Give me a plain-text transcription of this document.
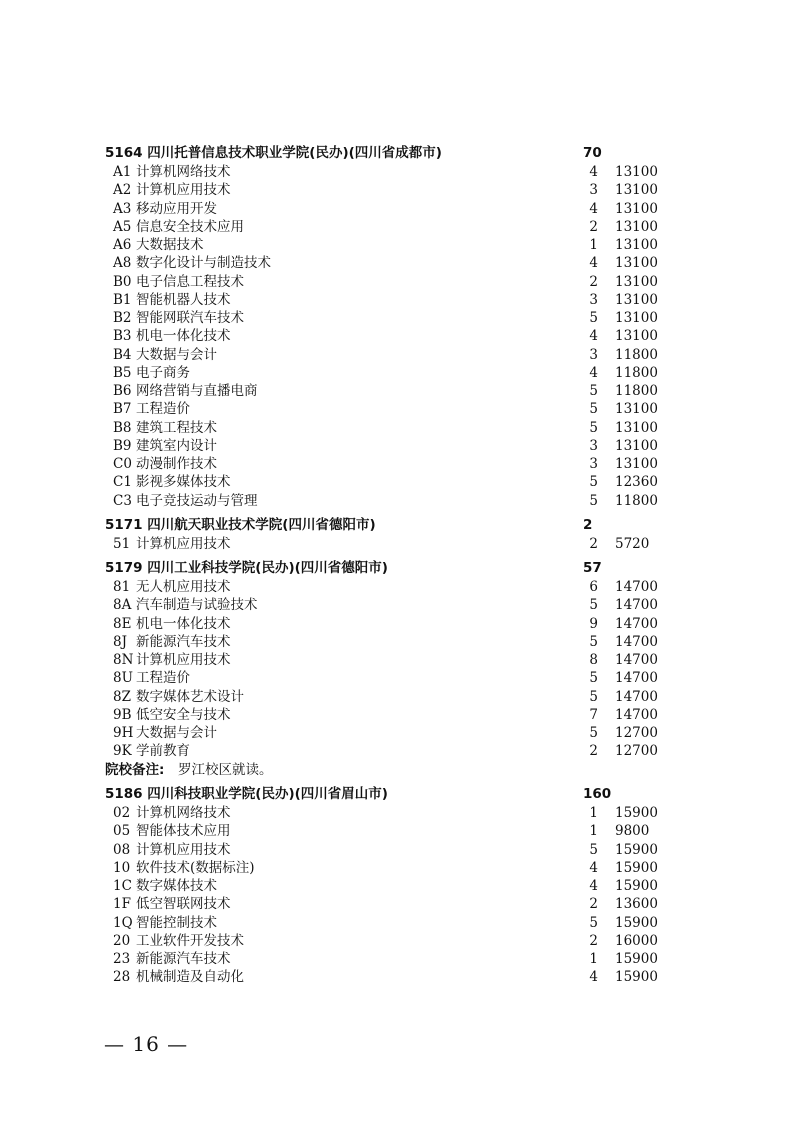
5164 四川托普信息技术职业学院(民办)(四川省成都市)	70
A1 计算机网络技术	4 13100
A2 计算机应用技术	3 13100
A3 移动应用开发	4 13100
A5 信息安全技术应用	2 13100
A6 大数据技术	1 13100
A8 数字化设计与制造技术	4 13100
B0 电子信息工程技术	2 13100
B1 智能机器人技术	3 13100
B2 智能网联汽车技术	5 13100
B3 机电一体化技术	4 13100
B4 大数据与会计	3 11800
B5 电子商务	4 11800
B6 网络营销与直播电商	5 11800
B7 工程造价	5 13100
B8 建筑工程技术	5 13100
B9 建筑室内设计	3 13100
C0 动漫制作技术	3 13100
C1 影视多媒体技术	5 12360
C3 电子竞技运动与管理	5 11800
5171 四川航天职业技术学院(四川省德阳市)	2
51 计算机应用技术	2 5720
5179 四川工业科技学院(民办)(四川省德阳市)	57
81 无人机应用技术	6 14700
8A 汽车制造与试验技术	5 14700
8E 机电一体化技术	9 14700
8J 新能源汽车技术	5 14700
8N 计算机应用技术	8 14700
8U 工程造价	5 14700
8Z 数字媒体艺术设计	5 14700
9B 低空安全与技术	7 14700
9H 大数据与会计	5 12700
9K 学前教育	2 12700
院校备注: 罗江校区就读。
5186 四川科技职业学院(民办)(四川省眉山市)	160
02 计算机网络技术	1 15900
05 智能体技术应用	1 9800
08 计算机应用技术	5 15900
10 软件技术(数据标注)	4 15900
1C 数字媒体技术	4 15900
1F 低空智联网技术	2 13600
1Q 智能控制技术	5 15900
20 工业软件开发技术	2 16000
23 新能源汽车技术	1 15900
28 机械制造及自动化	4 15900
— 16 —
